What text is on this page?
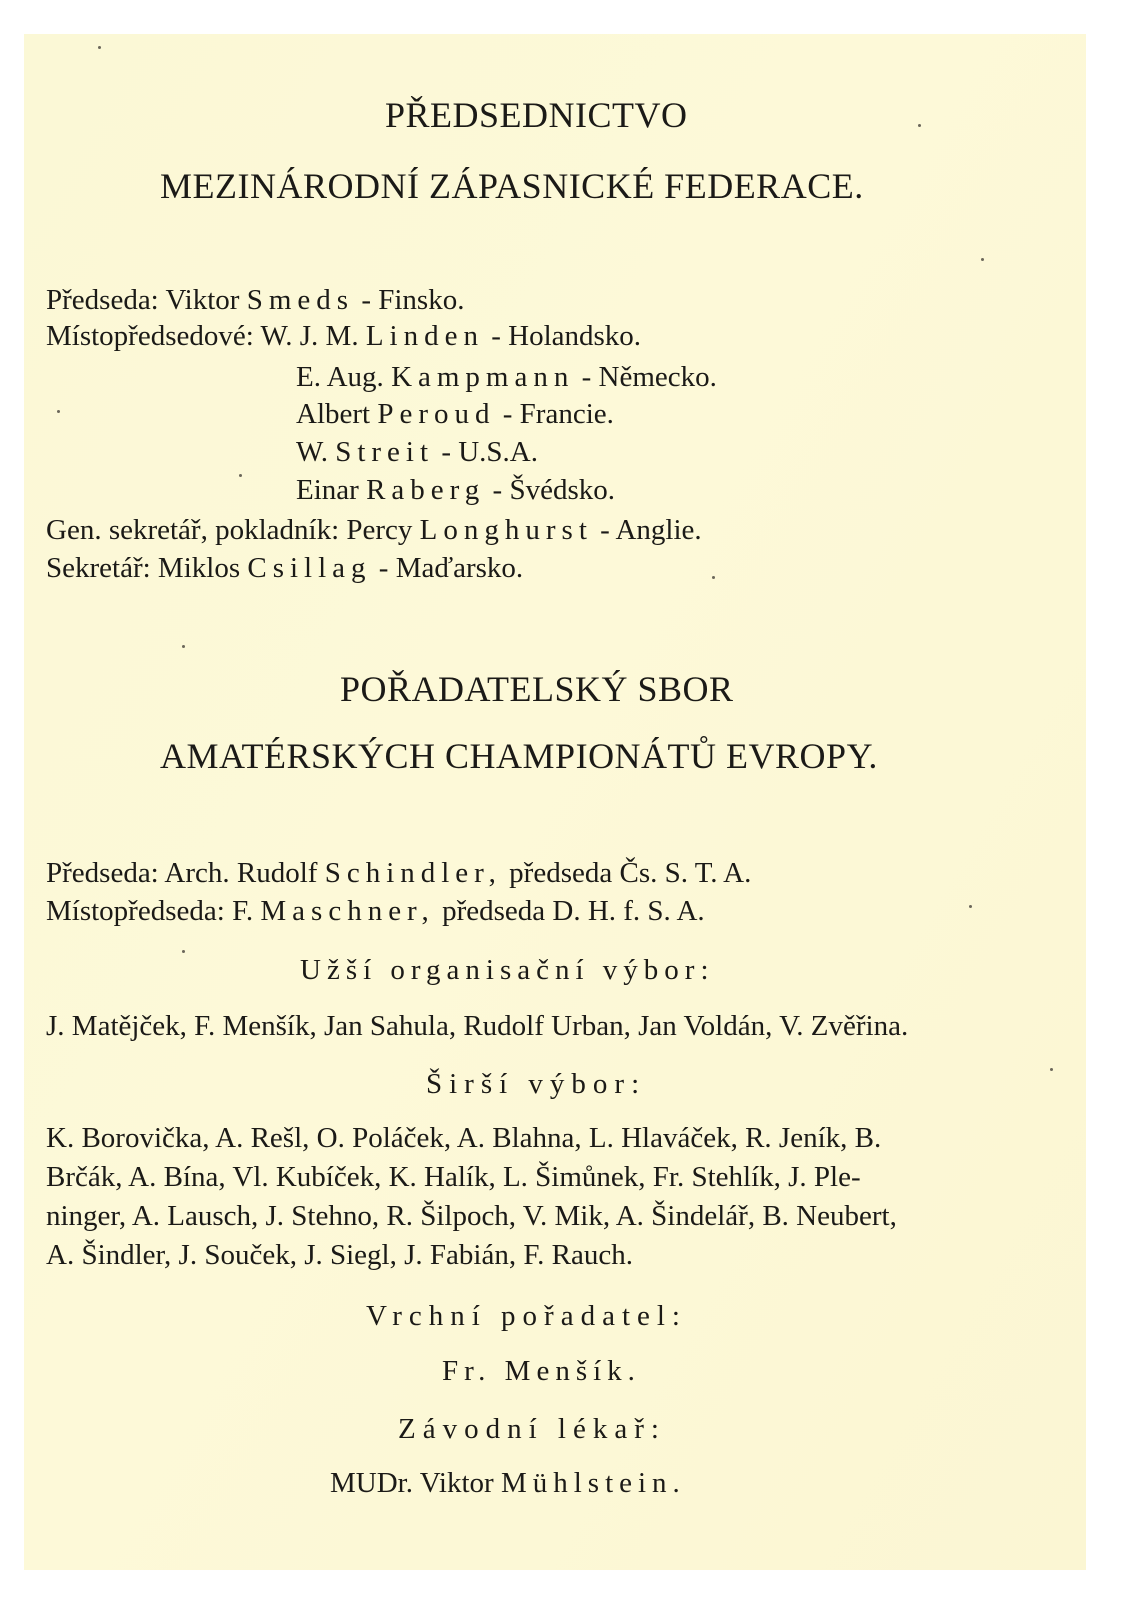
PŘEDSEDNICTVO
MEZINÁRODNÍ ZÁPASNICKÉ FEDERACE.
Předseda: Viktor Smeds - Finsko.
Místopředsedové: W. J. M. Linden - Holandsko.
E. Aug. Kampmann - Německo.
Albert Peroud - Francie.
W. Streit - U.S.A.
Einar Raberg - Švédsko.
Gen. sekretář, pokladník: Percy Longhurst - Anglie.
Sekretář: Miklos Csillag - Maďarsko.
POŘADATELSKÝ SBOR
AMATÉRSKÝCH CHAMPIONÁTŮ EVROPY.
Předseda: Arch. Rudolf Schindler, předseda Čs. S. T. A.
Místopředseda: F. Maschner, předseda D. H. f. S. A.
Užší organisační výbor:
J. Matějček, F. Menšík, Jan Sahula, Rudolf Urban, Jan Voldán, V. Zvěřina.
Širší výbor:
K. Borovička, A. Rešl, O. Poláček, A. Blahna, L. Hlaváček, R. Jeník, B.
Brčák, A. Bína, Vl. Kubíček, K. Halík, L. Šimůnek, Fr. Stehlík, J. Ple-
ninger, A. Lausch, J. Stehno, R. Šilpoch, V. Mik, A. Šindelář, B. Neubert,
A. Šindler, J. Souček, J. Siegl, J. Fabián, F. Rauch.
Vrchní pořadatel:
Fr. Menšík.
Závodní lékař:
MUDr. Viktor Mühlstein.
